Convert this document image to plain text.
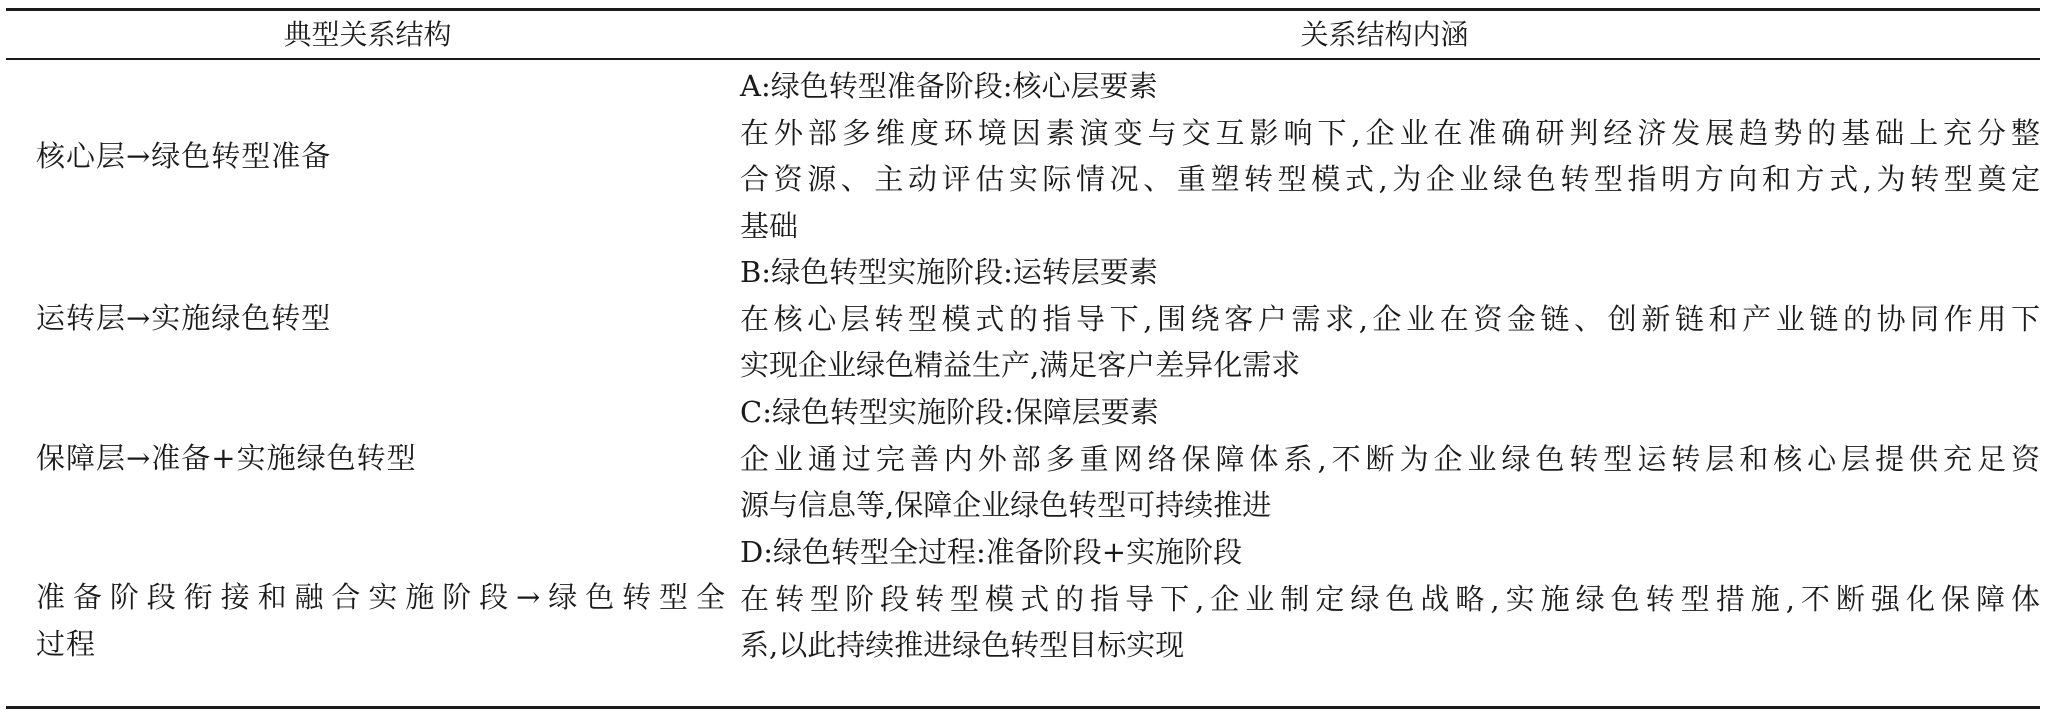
典型关系结构	关系结构内涵
核心层→绿色转型准备
A:绿色转型准备阶段:核心层要素
在外部多维度环境因素演变与交互影响下,企业在准确研判经济发展趋势的基础上充分整
合资源、主动评估实际情况、重塑转型模式,为企业绿色转型指明方向和方式,为转型奠定
基础
运转层→实施绿色转型
B:绿色转型实施阶段:运转层要素
在核心层转型模式的指导下,围绕客户需求,企业在资金链、创新链和产业链的协同作用下
实现企业绿色精益生产,满足客户差异化需求
保障层→准备+实施绿色转型
C:绿色转型实施阶段:保障层要素
企业通过完善内外部多重网络保障体系,不断为企业绿色转型运转层和核心层提供充足资
源与信息等,保障企业绿色转型可持续推进
准备阶段衔接和融合实施阶段→绿色转型全
过程
D:绿色转型全过程:准备阶段+实施阶段
在转型阶段转型模式的指导下,企业制定绿色战略,实施绿色转型措施,不断强化保障体
系,以此持续推进绿色转型目标实现
